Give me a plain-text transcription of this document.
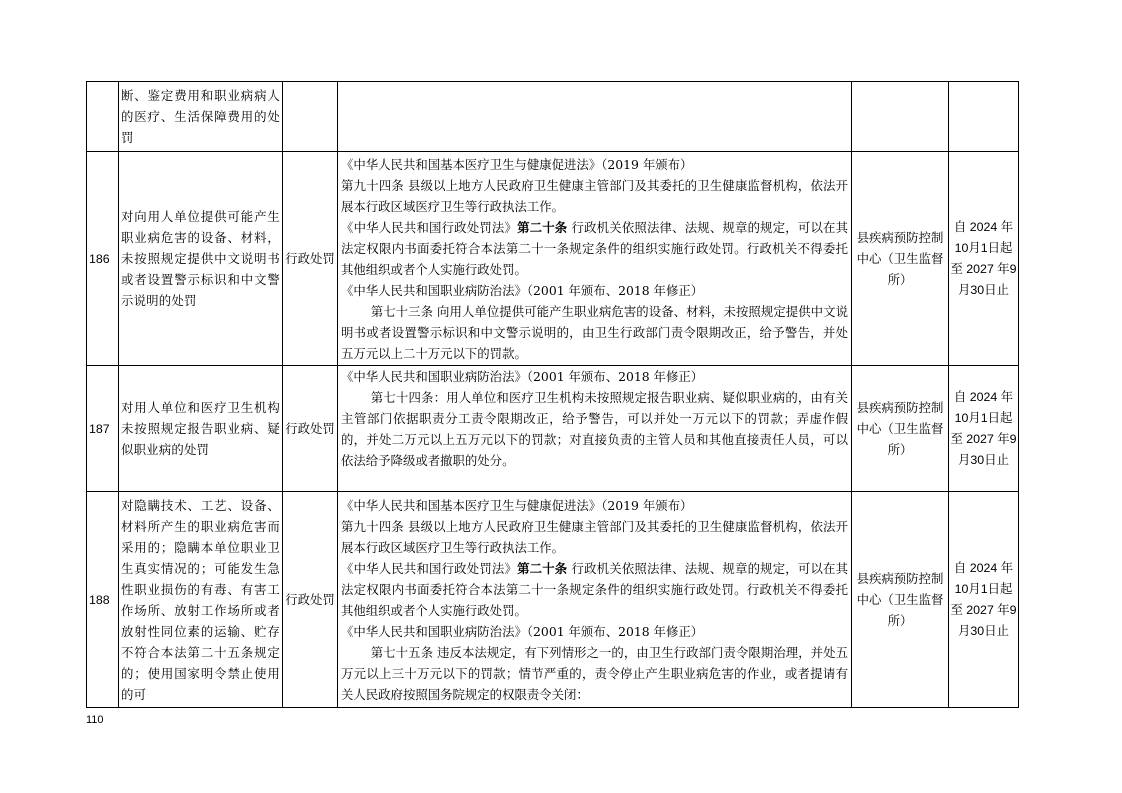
	断、鉴定费用和职业病病人的医疗、生活保障费用的处罚				
186	对向用人单位提供可能产生职业病危害的设备、材料，未按照规定提供中文说明书或者设置警示标识和中文警示说明的处罚	行政处罚	《中华人民共和国基本医疗卫生与健康促进法》（2019 年颁布）

第九十四条 县级以上地方人民政府卫生健康主管部门及其委托的卫生健康监督机构，依法开展本行政区域医疗卫生等行政执法工作。

《中华人民共和国行政处罚法》第二十条 行政机关依照法律、法规、规章的规定，可以在其法定权限内书面委托符合本法第二十一条规定条件的组织实施行政处罚。行政机关不得委托其他组织或者个人实施行政处罚。

《中华人民共和国职业病防治法》（2001 年颁布、2018 年修正）

第七十三条 向用人单位提供可能产生职业病危害的设备、材料，未按照规定提供中文说明书或者设置警示标识和中文警示说明的，由卫生行政部门责令限期改正，给予警告，并处五万元以上二十万元以下的罚款。	县疾病预防控制中心（卫生监督所）	自 2024 年10月1日起至 2027 年9月30日止
187	对用人单位和医疗卫生机构未按照规定报告职业病、疑似职业病的处罚	行政处罚	《中华人民共和国职业病防治法》（2001 年颁布、2018 年修正）

第七十四条：用人单位和医疗卫生机构未按照规定报告职业病、疑似职业病的，由有关主管部门依据职责分工责令限期改正，给予警告，可以并处一万元以下的罚款；弄虚作假的，并处二万元以上五万元以下的罚款；对直接负责的主管人员和其他直接责任人员，可以依法给予降级或者撤职的处分。	县疾病预防控制中心（卫生监督所）	自 2024 年10月1日起至 2027 年9月30日止
188	对隐瞒技术、工艺、设备、材料所产生的职业病危害而采用的；隐瞒本单位职业卫生真实情况的；可能发生急性职业损伤的有毒、有害工作场所、放射工作场所或者放射性同位素的运输、贮存不符合本法第二十五条规定的；使用国家明令禁止使用的可	行政处罚	《中华人民共和国基本医疗卫生与健康促进法》（2019 年颁布）

第九十四条 县级以上地方人民政府卫生健康主管部门及其委托的卫生健康监督机构，依法开展本行政区域医疗卫生等行政执法工作。

《中华人民共和国行政处罚法》第二十条 行政机关依照法律、法规、规章的规定，可以在其法定权限内书面委托符合本法第二十一条规定条件的组织实施行政处罚。行政机关不得委托其他组织或者个人实施行政处罚。

《中华人民共和国职业病防治法》（2001 年颁布、2018 年修正）

第七十五条 违反本法规定，有下列情形之一的，由卫生行政部门责令限期治理，并处五万元以上三十万元以下的罚款；情节严重的，责令停止产生职业病危害的作业，或者提请有关人民政府按照国务院规定的权限责令关闭：	县疾病预防控制中心（卫生监督所）	自 2024 年10月1日起至 2027 年9月30日止
110
